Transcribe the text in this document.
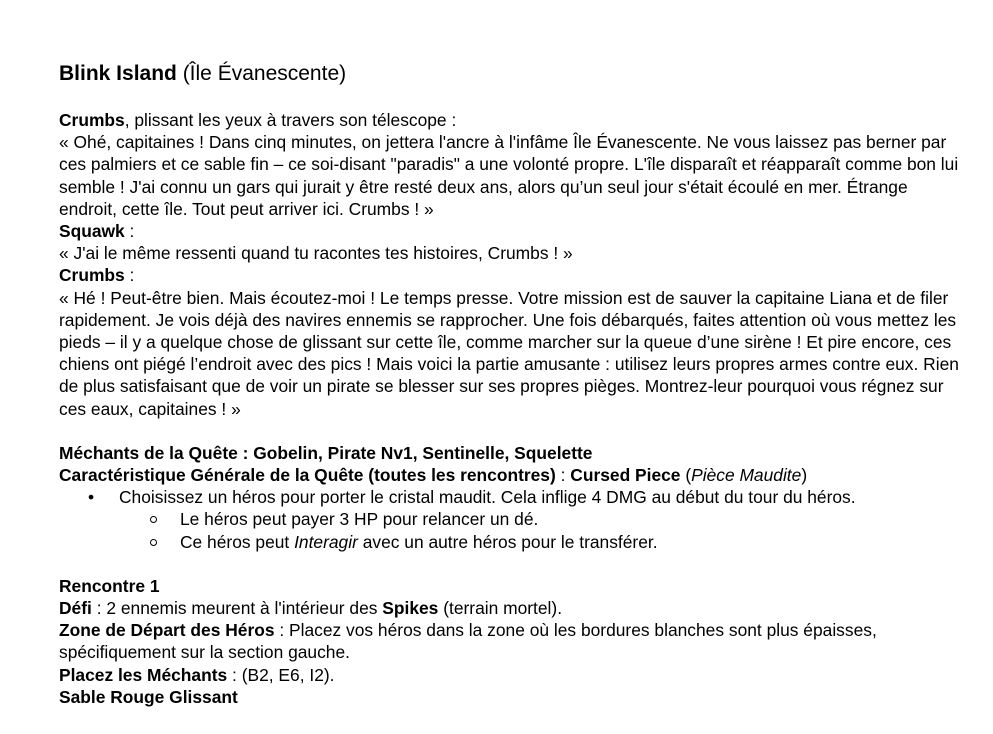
Blink Island (Île Évanescente)

Crumbs, plissant les yeux à travers son télescope :

« Ohé, capitaines ! Dans cinq minutes, on jettera l'ancre à l'infâme Île Évanescente. Ne vous laissez pas berner par ces palmiers et ce sable fin – ce soi-disant "paradis" a une volonté propre. L'île disparaît et réapparaît comme bon lui semble ! J'ai connu un gars qui jurait y être resté deux ans, alors qu’un seul jour s'était écoulé en mer. Étrange endroit, cette île. Tout peut arriver ici. Crumbs ! »

Squawk :

« J'ai le même ressenti quand tu racontes tes histoires, Crumbs ! »

Crumbs :

« Hé ! Peut-être bien. Mais écoutez-moi ! Le temps presse. Votre mission est de sauver la capitaine Liana et de filer rapidement. Je vois déjà des navires ennemis se rapprocher. Une fois débarqués, faites attention où vous mettez les pieds – il y a quelque chose de glissant sur cette île, comme marcher sur la queue d’une sirène ! Et pire encore, ces chiens ont piégé l’endroit avec des pics ! Mais voici la partie amusante : utilisez leurs propres armes contre eux. Rien de plus satisfaisant que de voir un pirate se blesser sur ses propres pièges. Montrez-leur pourquoi vous régnez sur ces eaux, capitaines ! »

Méchants de la Quête : Gobelin, Pirate Nv1, Sentinelle, Squelette

Caractéristique Générale de la Quête (toutes les rencontres) : Cursed Piece (Pièce Maudite)

• Choisissez un héros pour porter le cristal maudit. Cela inflige 4 DMG au début du tour du héros.
Le héros peut payer 3 HP pour relancer un dé.
Ce héros peut Interagir avec un autre héros pour le transférer.

Rencontre 1

Défi : 2 ennemis meurent à l'intérieur des Spikes (terrain mortel).

Zone de Départ des Héros : Placez vos héros dans la zone où les bordures blanches sont plus épaisses, spécifiquement sur la section gauche.

Placez les Méchants : (B2, E6, I2).

Sable Rouge Glissant
